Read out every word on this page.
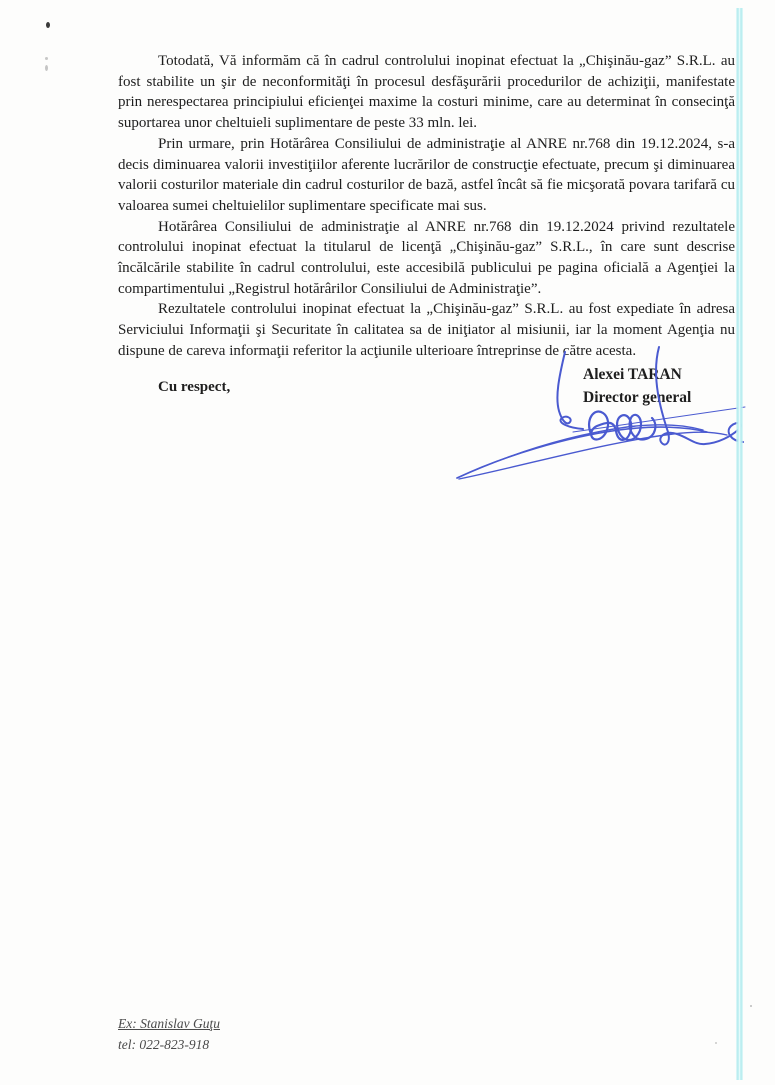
Totodată, Vă informăm că în cadrul controlului inopinat efectuat la „Chişinău-gaz” S.R.L. au fost stabilite un şir de neconformităţi în procesul desfăşurării procedurilor de achiziţii, manifestate prin nerespectarea principiului eficienţei maxime la costuri minime, care au determinat în consecinţă suportarea unor cheltuieli suplimentare de peste 33 mln. lei.

Prin urmare, prin Hotărârea Consiliului de administraţie al ANRE nr.768 din 19.12.2024, s-a decis diminuarea valorii investiţiilor aferente lucrărilor de construcţie efectuate, precum şi diminuarea valorii costurilor materiale din cadrul costurilor de bază, astfel încât să fie micşorată povara tarifară cu valoarea sumei cheltuielilor suplimentare specificate mai sus.

Hotărârea Consiliului de administraţie al ANRE nr.768 din 19.12.2024 privind rezultatele controlului inopinat efectuat la titularul de licenţă „Chişinău-gaz” S.R.L., în care sunt descrise încălcările stabilite în cadrul controlului, este accesibilă publicului pe pagina oficială a Agenţiei la compartimentului „Registrul hotărârilor Consiliului de Administraţie”.

Rezultatele controlului inopinat efectuat la „Chişinău-gaz” S.R.L. au fost expediate în adresa Serviciului Informaţii şi Securitate în calitatea sa de iniţiator al misiunii, iar la moment Agenţia nu dispune de careva informaţii referitor la acţiunile ulterioare întreprinse de către acesta.

Cu respect,

Alexei TARAN
Director general
Ex: Stanislav Guţu
tel: 022-823-918
